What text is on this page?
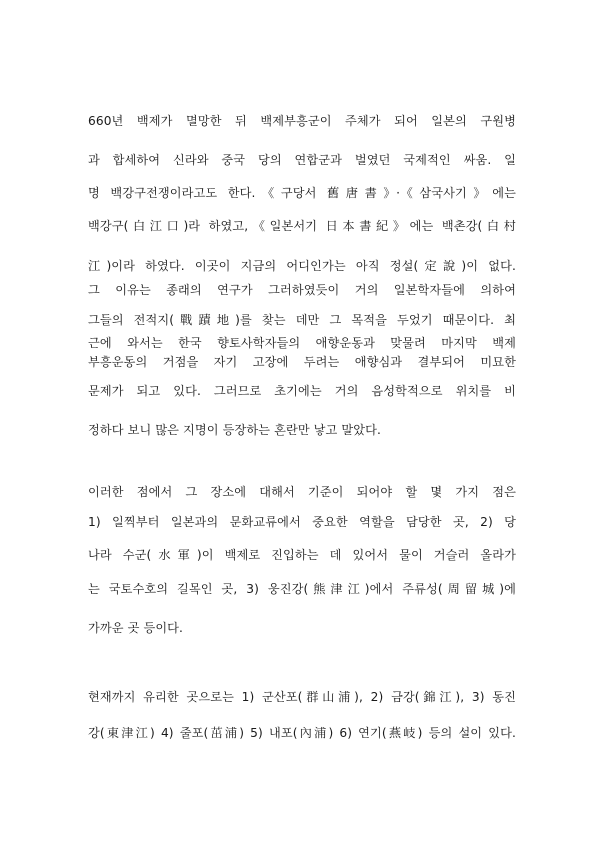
660년 백제가 멸망한 뒤 백제부흥군이 주체가 되어 일본의 구원병
과 합세하여 신라와 중국 당의 연합군과 벌였던 국제적인 싸움. 일
명 백강구전쟁이라고도 한다.《구당서 舊唐書》·《삼국사기》에는
백강구(白江口)라 하였고,《일본서기 日本書紀》에는 백촌강(白村
江)이라 하였다. 이곳이 지금의 어디인가는 아직 정설(定說)이 없다.
그 이유는 종래의 연구가 그러하였듯이 거의 일본학자들에 의하여
그들의 전적지(戰蹟地)를 찾는 데만 그 목적을 두었기 때문이다. 최
근에 와서는 한국 향토사학자들의 애향운동과 맞물려 마지막 백제
부흥운동의 거점을 자기 고장에 두려는 애향심과 결부되어 미묘한
문제가 되고 있다. 그러므로 초기에는 거의 음성학적으로 위치를 비
정하다 보니 많은 지명이 등장하는 혼란만 낳고 말았다.
이러한 점에서 그 장소에 대해서 기준이 되어야 할 몇 가지 점은
1) 일찍부터 일본과의 문화교류에서 중요한 역할을 담당한 곳, 2) 당
나라 수군(水軍)이 백제로 진입하는 데 있어서 물이 거슬러 올라가
는 국토수호의 길목인 곳, 3) 웅진강(熊津江)에서 주류성(周留城)에
가까운 곳 등이다.
현재까지 유리한 곳으로는 1) 군산포(群山浦), 2) 금강(錦江), 3) 동진
강(東津江) 4) 줄포(茁浦) 5) 내포(內浦) 6) 연기(燕岐) 등의 설이 있다.
